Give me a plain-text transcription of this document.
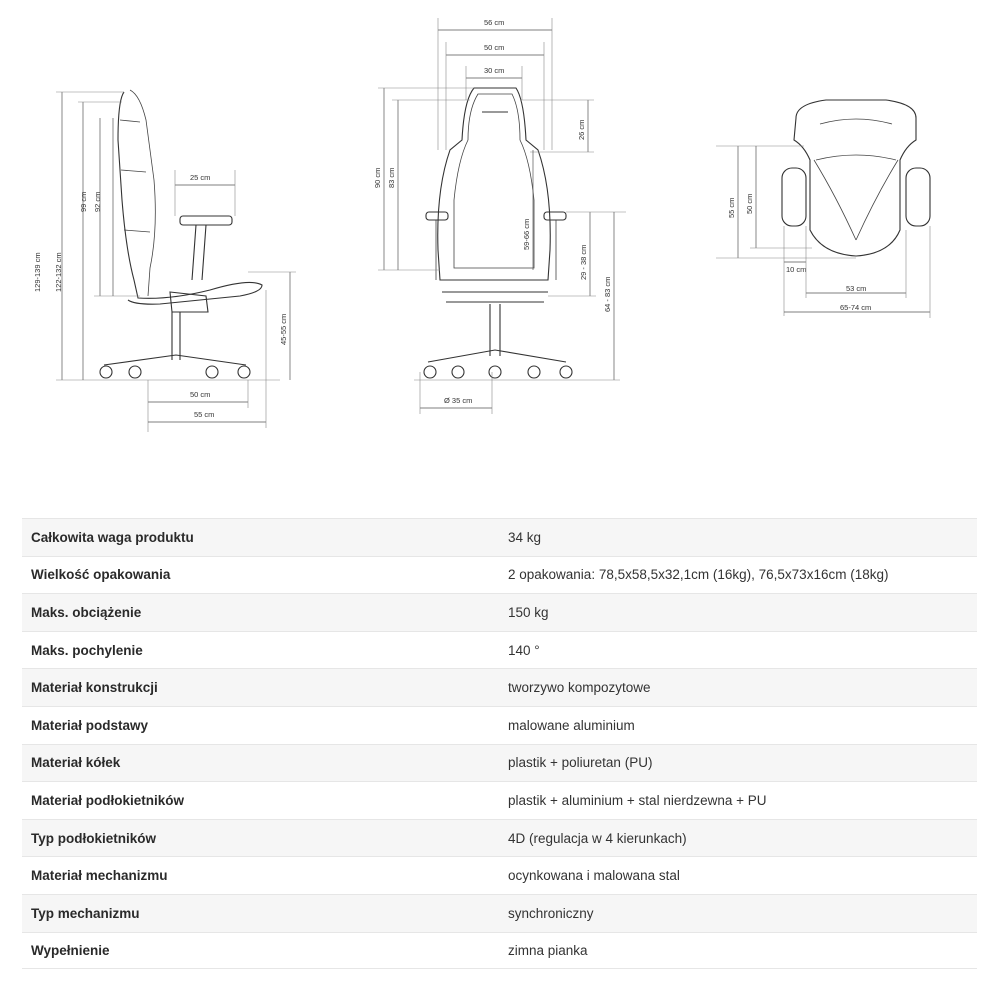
129-139 cm 122-132 cm
99 cm 92 cm
25 cm
45-55 cm
50 cm
55 cm
56 cm
50 cm
30 cm
26 cm
90 cm 83 cm
59-66 cm
29 - 38 cm
64 - 83 cm
Ø 35 cm
55 cm 50 cm
10 cm
53 cm
65-74 cm
Całkowita waga produktu	34 kg
Wielkość opakowania	2 opakowania: 78,5x58,5x32,1cm (16kg), 76,5x73x16cm (18kg)
Maks. obciążenie	150 kg
Maks. pochylenie	140 °
Materiał konstrukcji	tworzywo kompozytowe
Materiał podstawy	malowane aluminium
Materiał kółek	plastik + poliuretan (PU)
Materiał podłokietników	plastik + aluminium + stal nierdzewna + PU
Typ podłokietników	4D (regulacja w 4 kierunkach)
Materiał mechanizmu	ocynkowana i malowana stal
Typ mechanizmu	synchroniczny
Wypełnienie	zimna pianka
